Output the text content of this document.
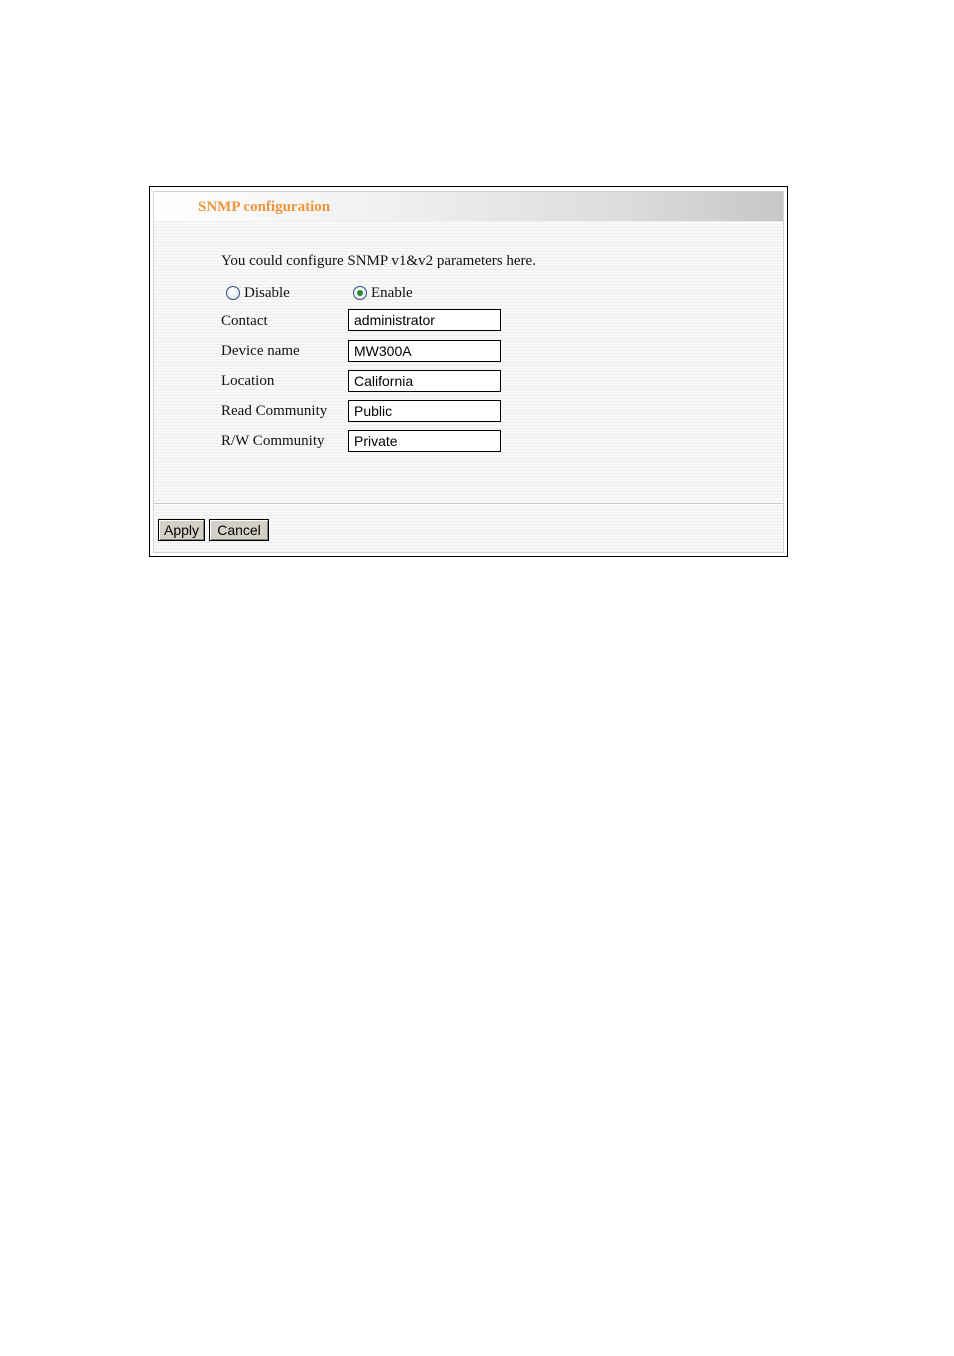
SNMP configuration
You could configure SNMP v1&v2 parameters here.
Disable	Enable
Contact
administrator
Device name
MW300A
Location
California
Read Community
Public
R/W Community
Private
Apply	Cancel
